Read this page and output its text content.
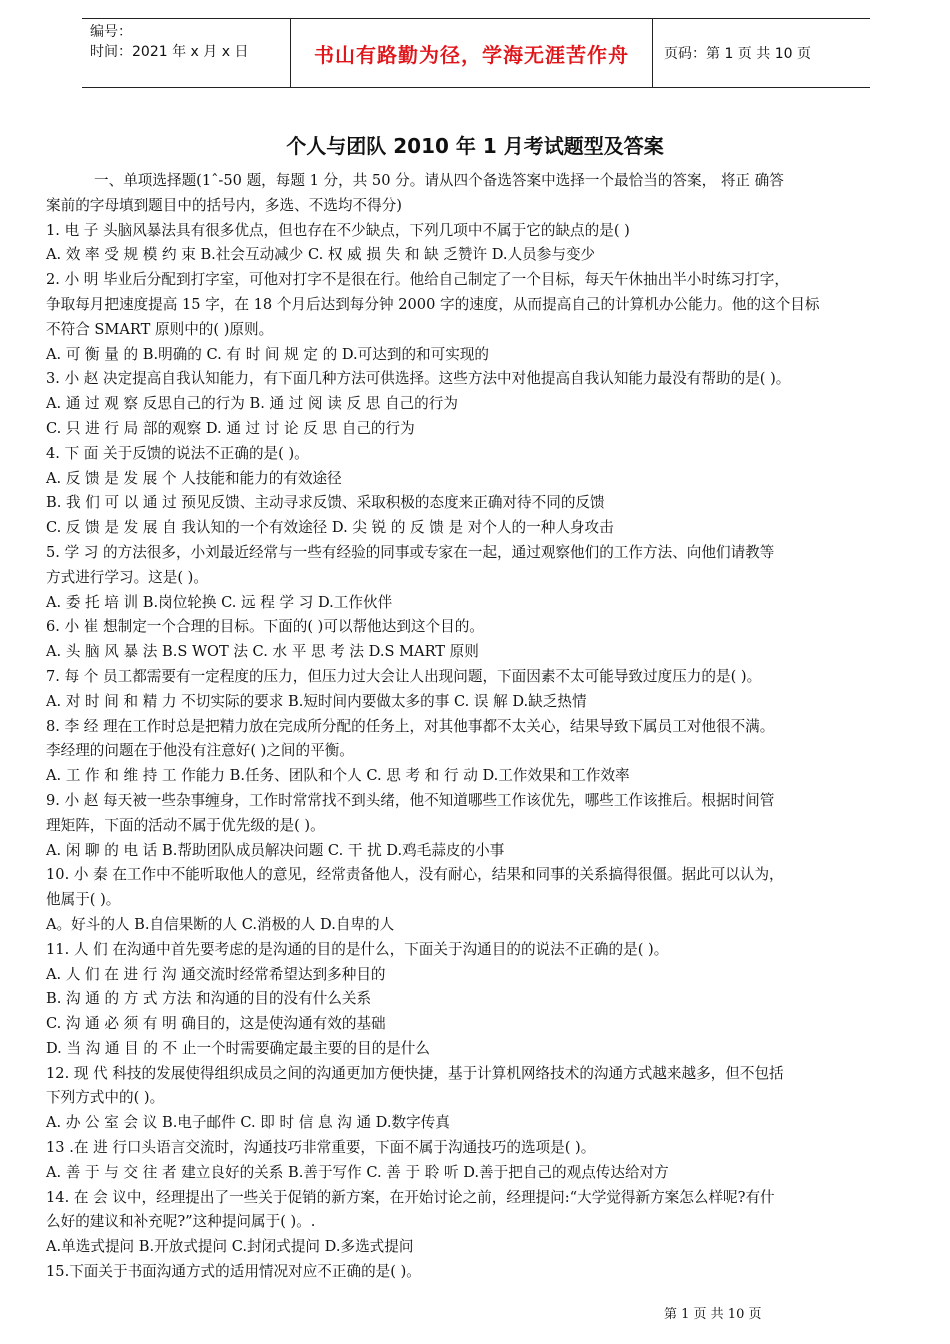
编号：
时间：2021 年 x 月 x 日	书山有路勤为径，学海无涯苦作舟	页码：第 1 页 共 10 页
个人与团队 2010 年 1 月考试题型及答案
一、单项选择题(1ˆ-50 题，每题 1 分，共 50 分。请从四个备选答案中选择一个最恰当的答案， 将正 确答
案前的字母填到题目中的括号内，多选、不选均不得分)
1. 电 子 头脑风暴法具有很多优点，但也存在不少缺点，下列几项中不属于它的缺点的是( )
A. 效 率 受 规 模 约 束 B.社会互动减少 C. 权 威 损 失 和 缺 乏赞许 D.人员参与变少
2. 小 明 毕业后分配到打字室，可他对打字不是很在行。他给自己制定了一个目标，每天午休抽出半小时练习打字，
争取每月把速度提高 15 字，在 18 个月后达到每分钟 2000 字的速度，从而提高自己的计算机办公能力。他的这个目标
不符合 SMART 原则中的( )原则。
A. 可 衡 量 的 B.明确的 C. 有 时 间 规 定 的 D.可达到的和可实现的
3. 小 赵 决定提高自我认知能力，有下面几种方法可供选择。这些方法中对他提高自我认知能力最没有帮助的是( )。
A. 通 过 观 察 反思自己的行为 B. 通 过 阅 读 反 思 自己的行为
C. 只 进 行 局 部的观察 D. 通 过 讨 论 反 思 自己的行为
4. 下 面 关于反馈的说法不正确的是( )。
A. 反 馈 是 发 展 个 人技能和能力的有效途径
B. 我 们 可 以 通 过 预见反馈、主动寻求反馈、采取积极的态度来正确对待不同的反馈
C. 反 馈 是 发 展 自 我认知的一个有效途径 D. 尖 锐 的 反 馈 是 对个人的一种人身攻击
5. 学 习 的方法很多，小刘最近经常与一些有经验的同事或专家在一起，通过观察他们的工作方法、向他们请教等
方式进行学习。这是( )。
A. 委 托 培 训 B.岗位轮换 C. 远 程 学 习 D.工作伙伴
6. 小 崔 想制定一个合理的目标。下面的( )可以帮他达到这个目的。
A. 头 脑 风 暴 法 B.S WOT 法 C. 水 平 思 考 法 D.S MART 原则
7. 每 个 员工都需要有一定程度的压力，但压力过大会让人出现问题，下面因素不太可能导致过度压力的是( )。
A. 对 时 间 和 精 力 不切实际的要求 B.短时间内要做太多的事 C. 误 解 D.缺乏热情
8. 李 经 理在工作时总是把精力放在完成所分配的任务上，对其他事都不太关心，结果导致下属员工对他很不满。
李经理的问题在于他没有注意好( )之间的平衡。
A. 工 作 和 维 持 工 作能力 B.任务、团队和个人 C. 思 考 和 行 动 D.工作效果和工作效率
9. 小 赵 每天被一些杂事缠身，工作时常常找不到头绪，他不知道哪些工作该优先，哪些工作该推后。根据时间管
理矩阵，下面的活动不属于优先级的是( )。
A. 闲 聊 的 电 话 B.帮助团队成员解决问题 C. 干 扰 D.鸡毛蒜皮的小事
10. 小 秦 在工作中不能听取他人的意见，经常责备他人，没有耐心，结果和同事的关系搞得很僵。据此可以认为，
他属于( )。
A。好斗的人 B.自信果断的人 C.消极的人 D.自卑的人
11. 人 们 在沟通中首先要考虑的是沟通的目的是什么，下面关于沟通目的的说法不正确的是( )。
A. 人 们 在 进 行 沟 通交流时经常希望达到多种目的
B. 沟 通 的 方 式 方法 和沟通的目的没有什么关系
C. 沟 通 必 须 有 明 确目的，这是使沟通有效的基础
D. 当 沟 通 目 的 不 止一个时需要确定最主要的目的是什么
12. 现 代 科技的发展使得组织成员之间的沟通更加方便快捷，基于计算机网络技术的沟通方式越来越多，但不包括
下列方式中的( )。
A. 办 公 室 会 议 B.电子邮件 C. 即 时 信 息 沟 通 D.数字传真
13 .在 进 行口头语言交流时，沟通技巧非常重要，下面不属于沟通技巧的选项是( )。
A. 善 于 与 交 往 者 建立良好的关系 B.善于写作 C. 善 于 聆 听 D.善于把自己的观点传达给对方
14. 在 会 议中，经理提出了一些关于促销的新方案，在开始讨论之前，经理提问:“大学觉得新方案怎么样呢?有什
么好的建议和补充呢?”这种提问属于( )。.
A.单选式提问 B.开放式提问 C.封闭式提问 D.多选式提问
15.下面关于书面沟通方式的适用情况对应不正确的是( )。
第 1 页 共 10 页
